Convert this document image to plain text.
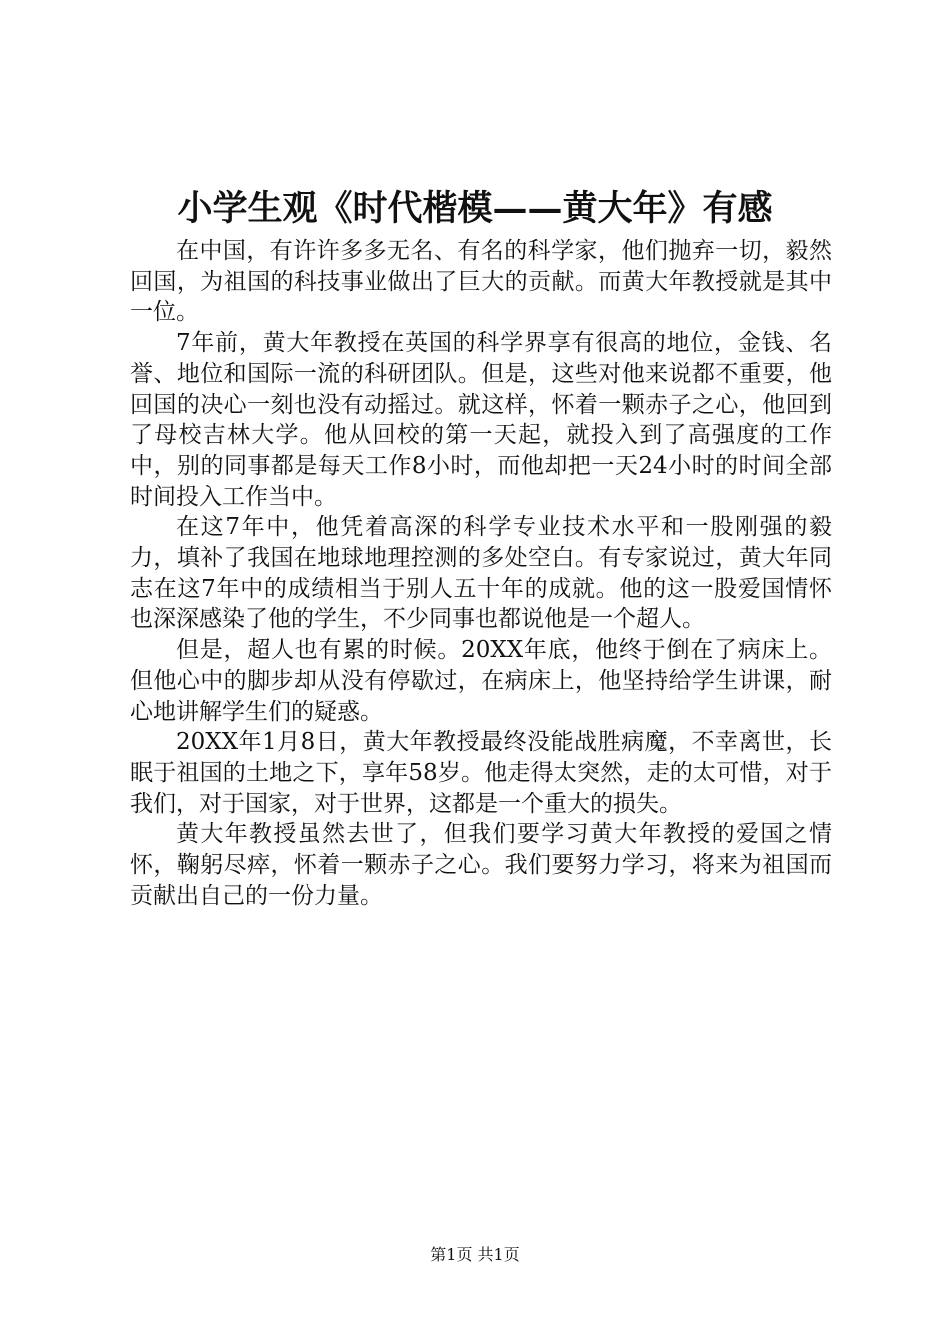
小学生观《时代楷模——黄大年》有感

在中国，有许许多多无名、有名的科学家，他们抛弃一切，毅然回国，为祖国的科技事业做出了巨大的贡献。而黄大年教授就是其中一位。

7年前，黄大年教授在英国的科学界享有很高的地位，金钱、名誉、地位和国际一流的科研团队。但是，这些对他来说都不重要，他回国的决心一刻也没有动摇过。就这样，怀着一颗赤子之心，他回到了母校吉林大学。他从回校的第一天起，就投入到了高强度的工作中，别的同事都是每天工作8小时，而他却把一天24小时的时间全部时间投入工作当中。

在这7年中，他凭着高深的科学专业技术水平和一股刚强的毅力，填补了我国在地球地理控测的多处空白。有专家说过，黄大年同志在这7年中的成绩相当于别人五十年的成就。他的这一股爱国情怀也深深感染了他的学生，不少同事也都说他是一个超人。

但是，超人也有累的时候。20XX年底，他终于倒在了病床上。但他心中的脚步却从没有停歇过，在病床上，他坚持给学生讲课，耐心地讲解学生们的疑惑。

20XX年1月8日，黄大年教授最终没能战胜病魔，不幸离世，长眠于祖国的土地之下，享年58岁。他走得太突然，走的太可惜，对于我们，对于国家，对于世界，这都是一个重大的损失。

黄大年教授虽然去世了，但我们要学习黄大年教授的爱国之情怀，鞠躬尽瘁，怀着一颗赤子之心。我们要努力学习，将来为祖国而贡献出自己的一份力量。

第1页 共1页
